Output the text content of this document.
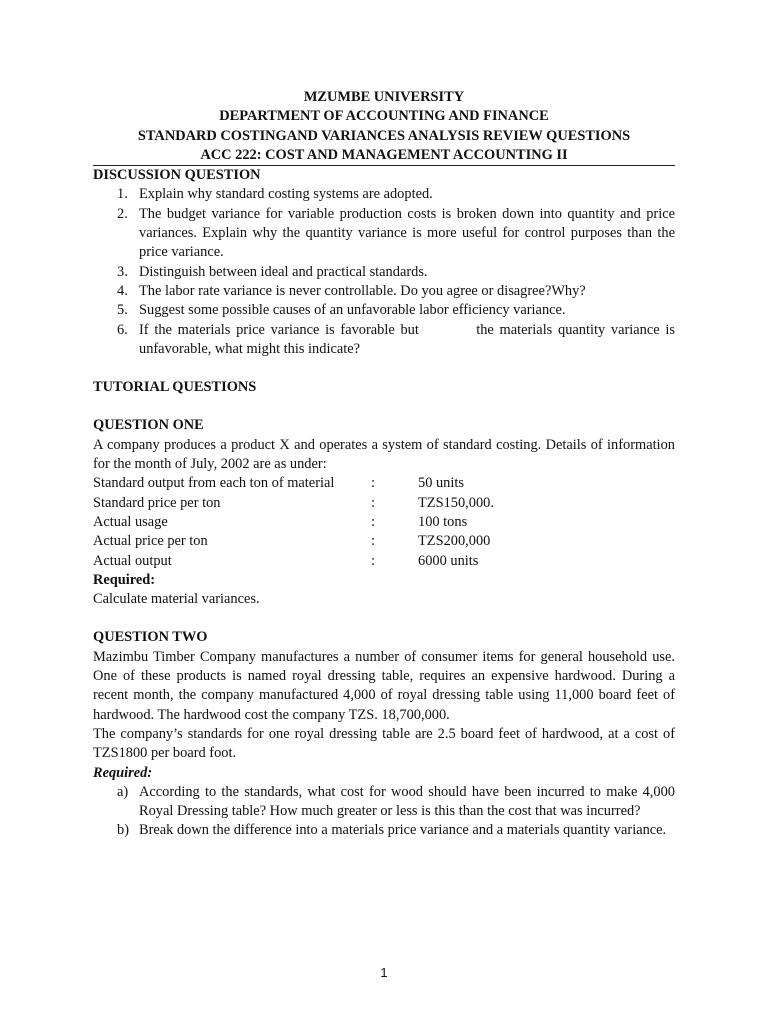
MZUMBE UNIVERSITY
DEPARTMENT OF ACCOUNTING AND FINANCE
STANDARD COSTINGAND VARIANCES ANALYSIS REVIEW QUESTIONS
ACC 222: COST AND MANAGEMENT ACCOUNTING II
DISCUSSION QUESTION
1. Explain why standard costing systems are adopted.
2. The budget variance for variable production costs is broken down into quantity and price variances. Explain why the quantity variance is more useful for control purposes than the price variance.
3. Distinguish between ideal and practical standards.
4. The labor rate variance is never controllable. Do you agree or disagree?Why?
5. Suggest some possible causes of an unfavorable labor efficiency variance.
6. If the materials price variance is favorable but          the materials quantity variance is unfavorable, what might this indicate?
TUTORIAL QUESTIONS
QUESTION ONE
A company produces a product X and operates a system of standard costing. Details of information for the month of July, 2002 are as under:
Standard output from each ton of material	:	50 units
Standard price per ton	:	TZS150,000.
Actual usage	:	100 tons
Actual price per ton	:	TZS200,000
Actual output	:	6000 units
Required:
Calculate material variances.
QUESTION TWO
Mazimbu Timber Company manufactures a number of consumer items for general household use. One of these products is named royal dressing table, requires an expensive hardwood. During a recent month, the company manufactured 4,000 of royal dressing table using 11,000 board feet of hardwood. The hardwood cost the company TZS. 18,700,000.
The company’s standards for one royal dressing table are 2.5 board feet of hardwood, at a cost of TZS1800 per board foot.
Required:
a) According to the standards, what cost for wood should have been incurred to make 4,000 Royal Dressing table? How much greater or less is this than the cost that was incurred?
b) Break down the difference into a materials price variance and a materials quantity variance.
1
